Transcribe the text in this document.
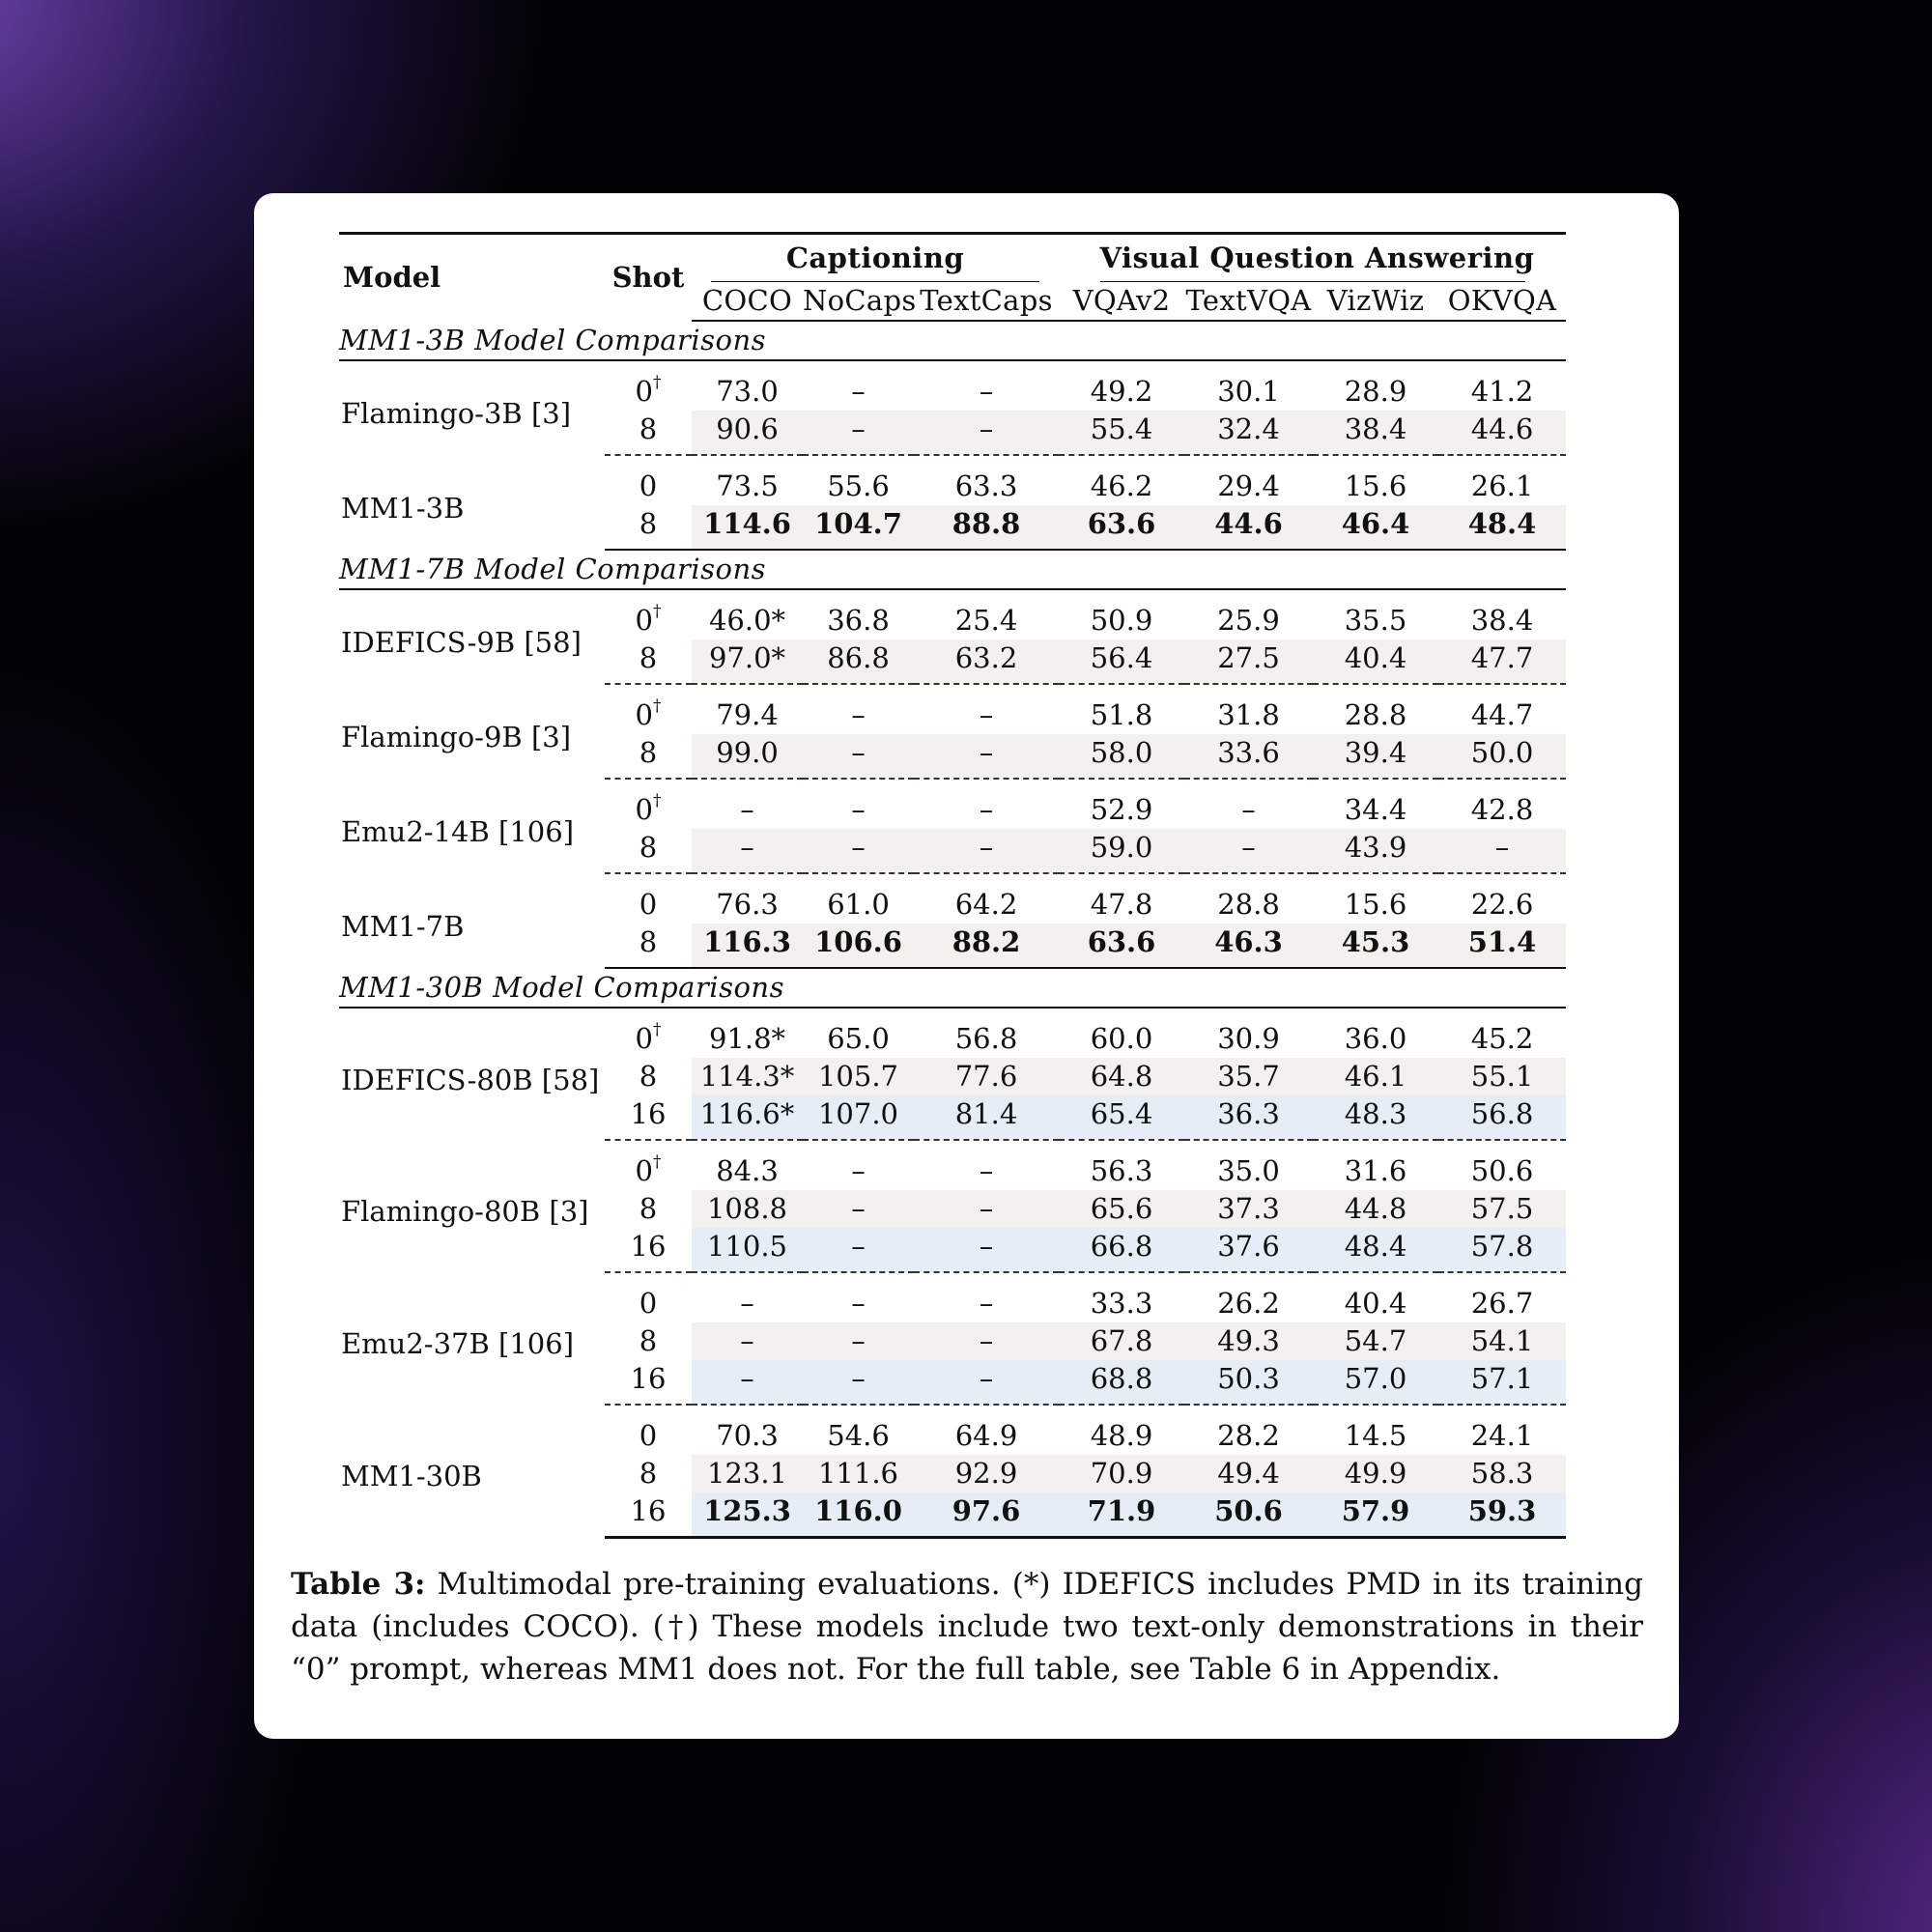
Model	Shot	Captioning			Visual Question Answering			
		COCO	NoCaps	TextCaps	VQAv2	TextVQA	VizWiz	OKVQA
MM1-3B Model Comparisons								
Flamingo-3B [3]	0†	73.0	–	–	49.2	30.1	28.9	41.2
	8	90.6	–	–	55.4	32.4	38.4	44.6
MM1-3B	0	73.5	55.6	63.3	46.2	29.4	15.6	26.1
	8	114.6	104.7	88.8	63.6	44.6	46.4	48.4
MM1-7B Model Comparisons								
IDEFICS-9B [58]	0†	46.0*	36.8	25.4	50.9	25.9	35.5	38.4
	8	97.0*	86.8	63.2	56.4	27.5	40.4	47.7
Flamingo-9B [3]	0†	79.4	–	–	51.8	31.8	28.8	44.7
	8	99.0	–	–	58.0	33.6	39.4	50.0
Emu2-14B [106]	0†	–	–	–	52.9	–	34.4	42.8
	8	–	–	–	59.0	–	43.9	–
MM1-7B	0	76.3	61.0	64.2	47.8	28.8	15.6	22.6
	8	116.3	106.6	88.2	63.6	46.3	45.3	51.4
MM1-30B Model Comparisons								
IDEFICS-80B [58]	0†	91.8*	65.0	56.8	60.0	30.9	36.0	45.2
	8	114.3*	105.7	77.6	64.8	35.7	46.1	55.1
	16	116.6*	107.0	81.4	65.4	36.3	48.3	56.8
Flamingo-80B [3]	0†	84.3	–	–	56.3	35.0	31.6	50.6
	8	108.8	–	–	65.6	37.3	44.8	57.5
	16	110.5	–	–	66.8	37.6	48.4	57.8
Emu2-37B [106]	0	–	–	–	33.3	26.2	40.4	26.7
	8	–	–	–	67.8	49.3	54.7	54.1
	16	–	–	–	68.8	50.3	57.0	57.1
MM1-30B	0	70.3	54.6	64.9	48.9	28.2	14.5	24.1
	8	123.1	111.6	92.9	70.9	49.4	49.9	58.3
	16	125.3	116.0	97.6	71.9	50.6	57.9	59.3
Table 3: Multimodal pre-training evaluations. (*) IDEFICS includes PMD in its training data (includes COCO). (†) These models include two text-only demonstrations in their “0” prompt, whereas MM1 does not. For the full table, see Table 6 in Appendix.
